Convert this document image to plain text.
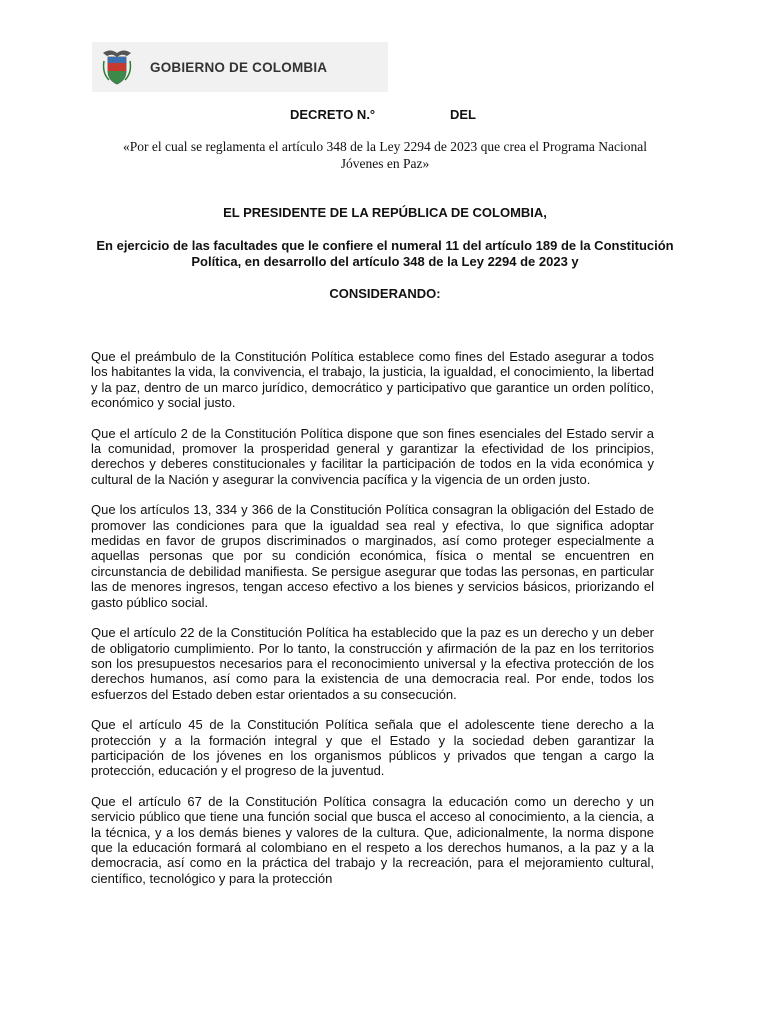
GOBIERNO DE COLOMBIA
DECRETO N.°	DEL
«Por el cual se reglamenta el artículo 348 de la Ley 2294 de 2023 que crea el Programa Nacional Jóvenes en Paz»
EL PRESIDENTE DE LA REPÚBLICA DE COLOMBIA,
En ejercicio de las facultades que le confiere el numeral 11 del artículo 189 de la Constitución Política, en desarrollo del artículo 348 de la Ley 2294 de 2023 y
CONSIDERANDO:

Que el preámbulo de la Constitución Política establece como fines del Estado asegurar a todos los habitantes la vida, la convivencia, el trabajo, la justicia, la igualdad, el conocimiento, la libertad y la paz, dentro de un marco jurídico, democrático y participativo que garantice un orden político, económico y social justo.

Que el artículo 2 de la Constitución Política dispone que son fines esenciales del Estado servir a la comunidad, promover la prosperidad general y garantizar la efectividad de los principios, derechos y deberes constitucionales y facilitar la participación de todos en la vida económica y cultural de la Nación y asegurar la convivencia pacífica y la vigencia de un orden justo.

Que los artículos 13, 334 y 366 de la Constitución Política consagran la obligación del Estado de promover las condiciones para que la igualdad sea real y efectiva, lo que significa adoptar medidas en favor de grupos discriminados o marginados, así como proteger especialmente a aquellas personas que por su condición económica, física o mental se encuentren en circunstancia de debilidad manifiesta. Se persigue asegurar que todas las personas, en particular las de menores ingresos, tengan acceso efectivo a los bienes y servicios básicos, priorizando el gasto público social.

Que el artículo 22 de la Constitución Política ha establecido que la paz es un derecho y un deber de obligatorio cumplimiento. Por lo tanto, la construcción y afirmación de la paz en los territorios son los presupuestos necesarios para el reconocimiento universal y la efectiva protección de los derechos humanos, así como para la existencia de una democracia real. Por ende, todos los esfuerzos del Estado deben estar orientados a su consecución.

Que el artículo 45 de la Constitución Política señala que el adolescente tiene derecho a la protección y a la formación integral y que el Estado y la sociedad deben garantizar la participación de los jóvenes en los organismos públicos y privados que tengan a cargo la protección, educación y el progreso de la juventud.

Que el artículo 67 de la Constitución Política consagra la educación como un derecho y un servicio público que tiene una función social que busca el acceso al conocimiento, a la ciencia, a la técnica, y a los demás bienes y valores de la cultura. Que, adicionalmente, la norma dispone que la educación formará al colombiano en el respeto a los derechos humanos, a la paz y a la democracia, así como en la práctica del trabajo y la recreación, para el mejoramiento cultural, científico, tecnológico y para la protección
